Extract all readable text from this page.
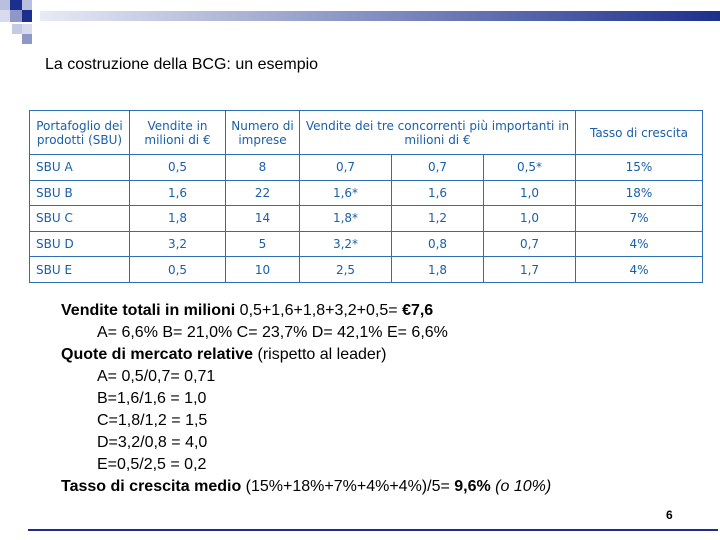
La costruzione della BCG: un esempio
Portafoglio dei prodotti (SBU)	Vendite in milioni di €	Numero di imprese	Vendite dei tre concorrenti più importanti in milioni di €			Tasso di crescita
SBU A	0,5	8	0,7	0,7	0,5*	15%
SBU B	1,6	22	1,6*	1,6	1,0	18%
SBU C	1,8	14	1,8*	1,2	1,0	7%
SBU D	3,2	5	3,2*	0,8	0,7	4%
SBU E	0,5	10	2,5	1,8	1,7	4%
Vendite totali in milioni 0,5+1,6+1,8+3,2+0,5= €7,6
A= 6,6% B= 21,0% C= 23,7% D= 42,1% E= 6,6%
Quote di mercato relative (rispetto al leader)
A= 0,5/0,7= 0,71
B=1,6/1,6 = 1,0
C=1,8/1,2 = 1,5
D=3,2/0,8 = 4,0
E=0,5/2,5 = 0,2
Tasso di crescita medio (15%+18%+7%+4%+4%)/5= 9,6% (o 10%)
6
